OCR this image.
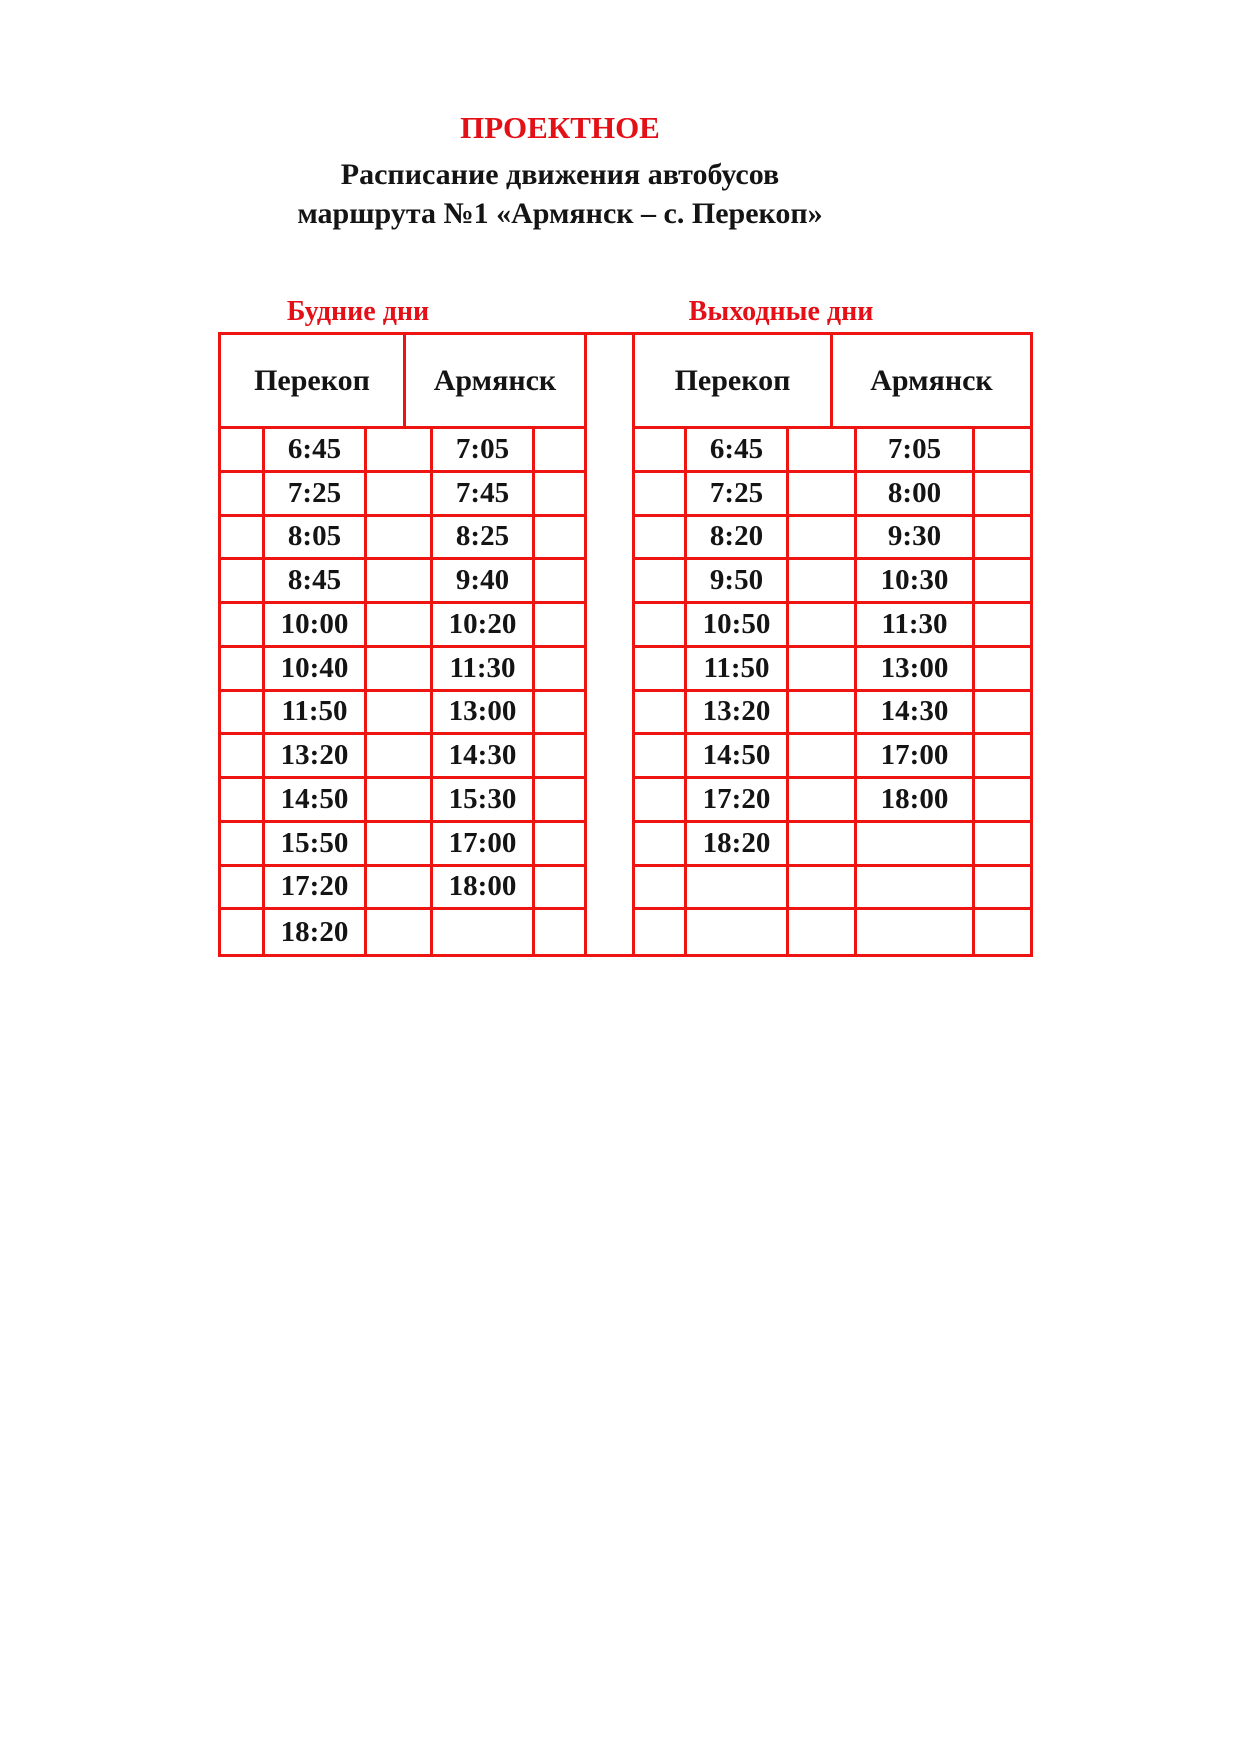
ПРОЕКТНОЕ
Расписание движения автобусов
маршрута №1 «Армянск – с. Перекоп»
Будние дни	Выходные дни
Перекоп	Армянск
6:45	7:05
7:25	7:45
8:05	8:25
8:45	9:40
10:00	10:20
10:40	11:30
11:50	13:00
13:20	14:30
14:50	15:30
15:50	17:00
17:20	18:00
18:20
Перекоп	Армянск
6:45	7:05
7:25	8:00
8:20	9:30
9:50	10:30
10:50	11:30
11:50	13:00
13:20	14:30
14:50	17:00
17:20	18:00
18:20
